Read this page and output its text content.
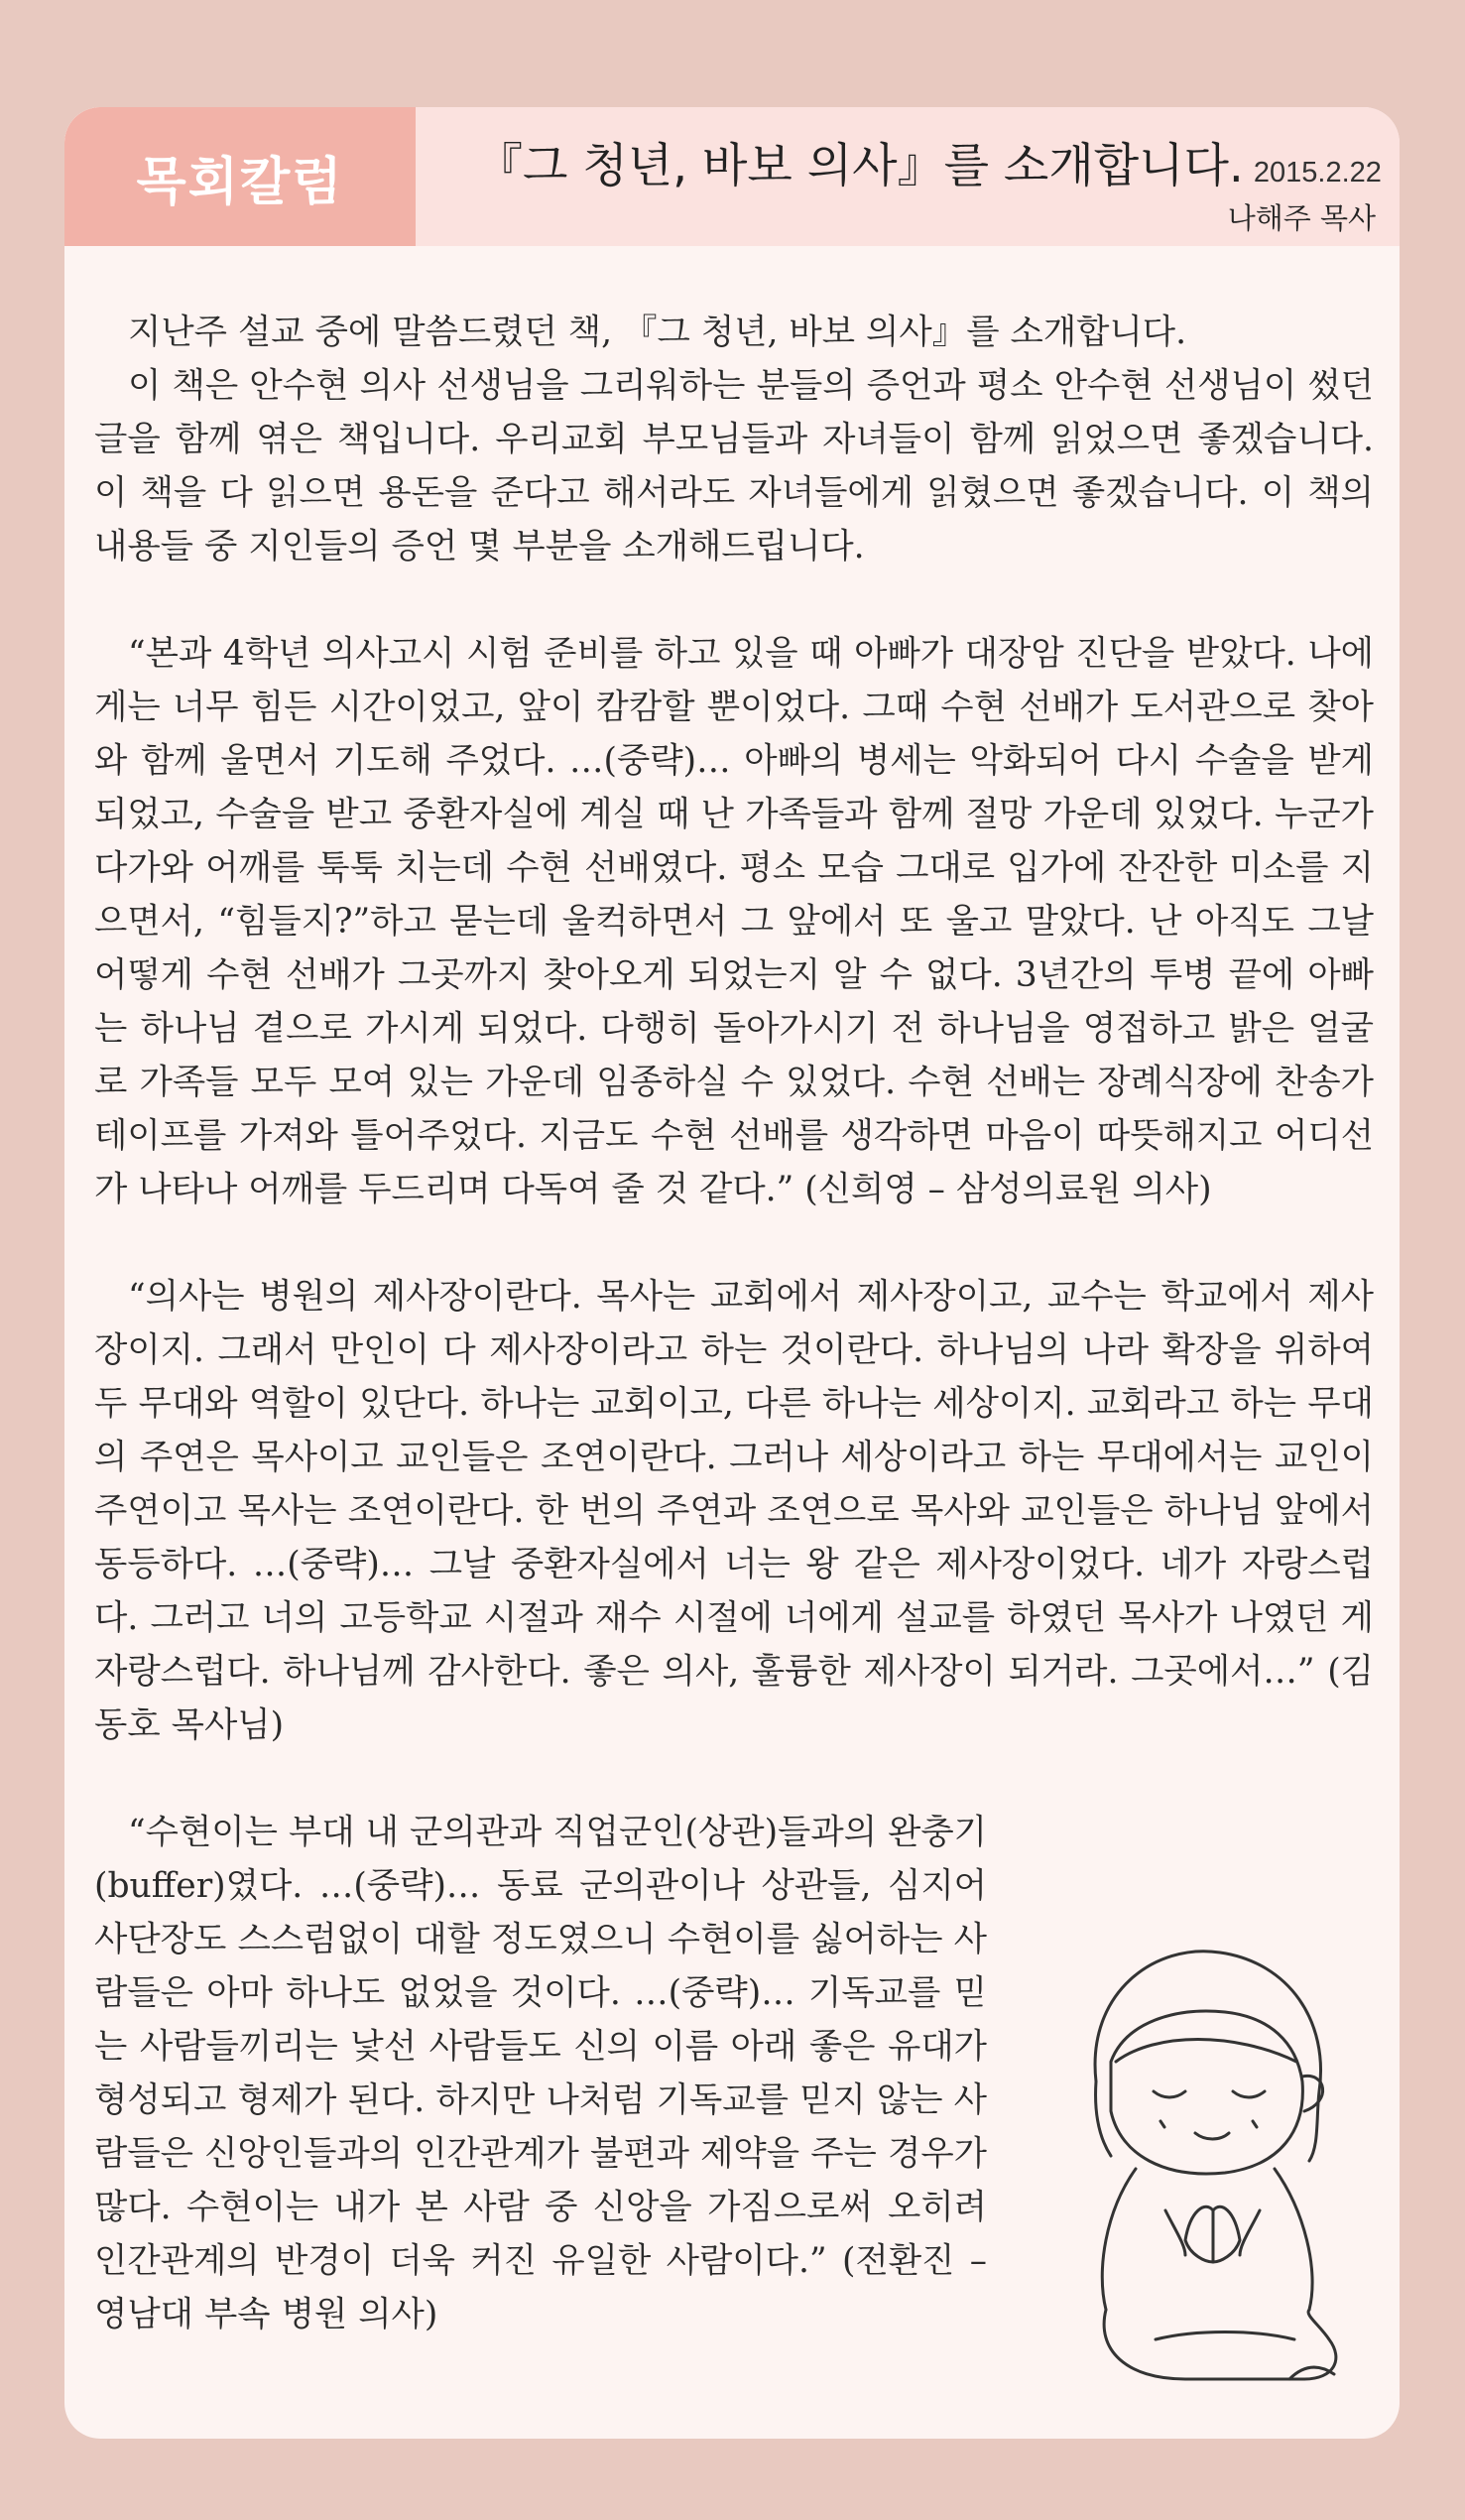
목회칼럼	『그 청년, 바보 의사』를 소개합니다. 2015.2.22
나해주 목사

지난주 설교 중에 말씀드렸던 책, 『그 청년, 바보 의사』를 소개합니다.

이 책은 안수현 의사 선생님을 그리워하는 분들의 증언과 평소 안수현 선생님이 썼던 글을 함께 엮은 책입니다. 우리교회 부모님들과 자녀들이 함께 읽었으면 좋겠습니다. 이 책을 다 읽으면 용돈을 준다고 해서라도 자녀들에게 읽혔으면 좋겠습니다. 이 책의 내용들 중 지인들의 증언 몇 부분을 소개해드립니다.

“본과 4학년 의사고시 시험 준비를 하고 있을 때 아빠가 대장암 진단을 받았다. 나에게는 너무 힘든 시간이었고, 앞이 캄캄할 뿐이었다. 그때 수현 선배가 도서관으로 찾아와 함께 울면서 기도해 주었다. …(중략)… 아빠의 병세는 악화되어 다시 수술을 받게 되었고, 수술을 받고 중환자실에 계실 때 난 가족들과 함께 절망 가운데 있었다. 누군가 다가와 어깨를 툭툭 치는데 수현 선배였다. 평소 모습 그대로 입가에 잔잔한 미소를 지으면서, “힘들지?”하고 묻는데 울컥하면서 그 앞에서 또 울고 말았다. 난 아직도 그날 어떻게 수현 선배가 그곳까지 찾아오게 되었는지 알 수 없다. 3년간의 투병 끝에 아빠는 하나님 곁으로 가시게 되었다. 다행히 돌아가시기 전 하나님을 영접하고 밝은 얼굴로 가족들 모두 모여 있는 가운데 임종하실 수 있었다. 수현 선배는 장례식장에 찬송가 테이프를 가져와 틀어주었다. 지금도 수현 선배를 생각하면 마음이 따뜻해지고 어디선가 나타나 어깨를 두드리며 다독여 줄 것 같다.” (신희영 – 삼성의료원 의사)

“의사는 병원의 제사장이란다. 목사는 교회에서 제사장이고, 교수는 학교에서 제사장이지. 그래서 만인이 다 제사장이라고 하는 것이란다. 하나님의 나라 확장을 위하여 두 무대와 역할이 있단다. 하나는 교회이고, 다른 하나는 세상이지. 교회라고 하는 무대의 주연은 목사이고 교인들은 조연이란다. 그러나 세상이라고 하는 무대에서는 교인이 주연이고 목사는 조연이란다. 한 번의 주연과 조연으로 목사와 교인들은 하나님 앞에서 동등하다. …(중략)… 그날 중환자실에서 너는 왕 같은 제사장이었다. 네가 자랑스럽다. 그러고 너의 고등학교 시절과 재수 시절에 너에게 설교를 하였던 목사가 나였던 게 자랑스럽다. 하나님께 감사한다. 좋은 의사, 훌륭한 제사장이 되거라. 그곳에서…” (김동호 목사님)

“수현이는 부대 내 군의관과 직업군인(상관)들과의 완충기(buffer)였다. …(중략)… 동료 군의관이나 상관들, 심지어 사단장도 스스럼없이 대할 정도였으니 수현이를 싫어하는 사람들은 아마 하나도 없었을 것이다. …(중략)… 기독교를 믿는 사람들끼리는 낯선 사람들도 신의 이름 아래 좋은 유대가 형성되고 형제가 된다. 하지만 나처럼 기독교를 믿지 않는 사람들은 신앙인들과의 인간관계가 불편과 제약을 주는 경우가 많다. 수현이는 내가 본 사람 중 신앙을 가짐으로써 오히려 인간관계의 반경이 더욱 커진 유일한 사람이다.” (전환진 – 영남대 부속 병원 의사)
